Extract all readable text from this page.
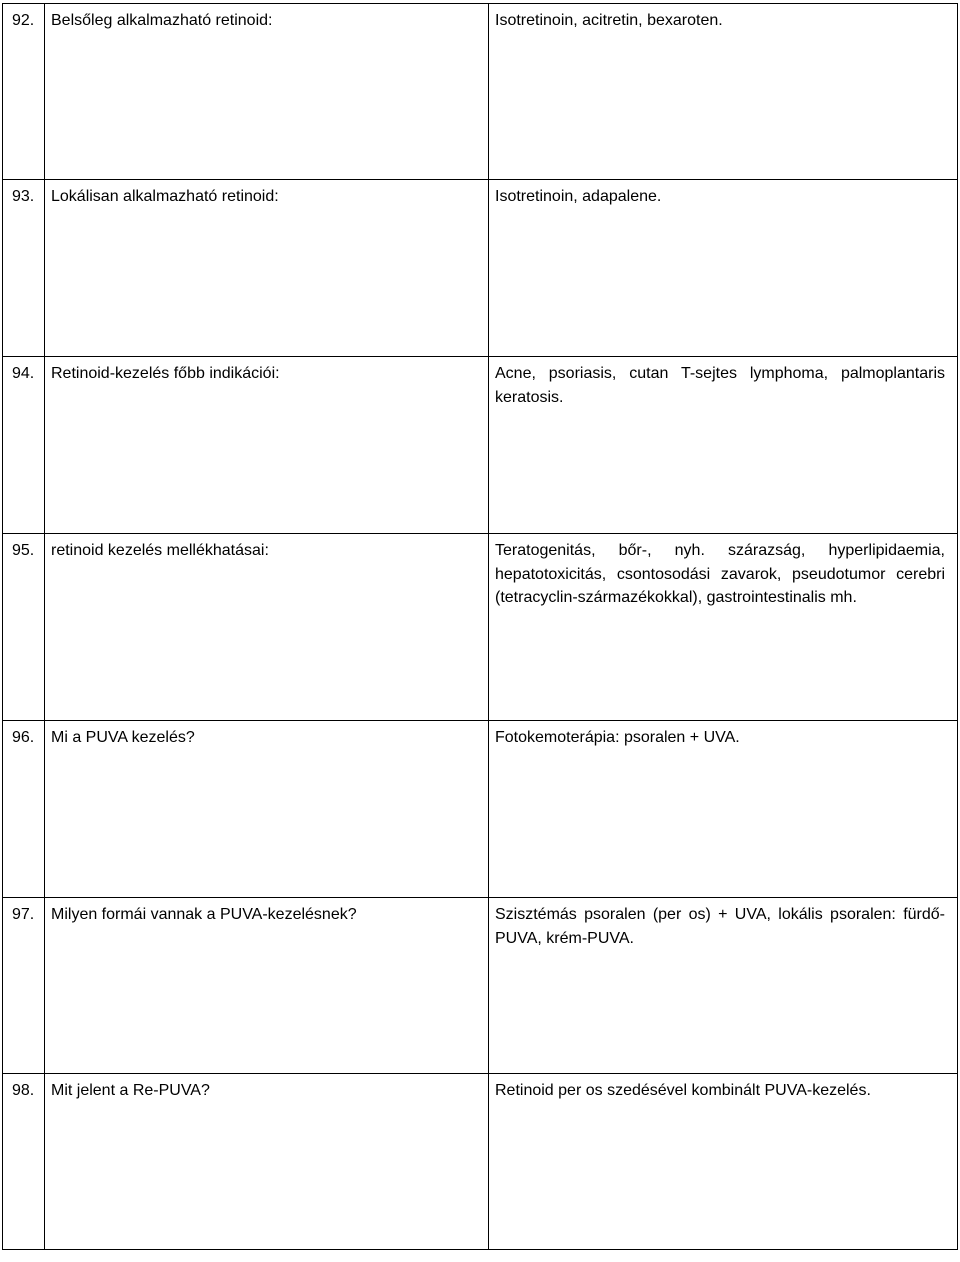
92.	Belsőleg alkalmazható retinoid:	Isotretinoin, acitretin, bexaroten.
93.	Lokálisan alkalmazható retinoid:	Isotretinoin, adapalene.
94.	Retinoid-kezelés főbb indikációi:	Acne, psoriasis, cutan T-sejtes lymphoma, palmoplantaris keratosis.
95.	retinoid kezelés mellékhatásai:	Teratogenitás, bőr-, nyh. szárazság, hyperlipidaemia, hepatotoxicitás, csontosodási zavarok, pseudotumor cerebri (tetracyclin-származékokkal), gastrointestinalis mh.
96.	Mi a PUVA kezelés?	Fotokemoterápia: psoralen + UVA.
97.	Milyen formái vannak a PUVA-kezelésnek?	Szisztémás psoralen (per os) + UVA, lokális psoralen: fürdő-PUVA, krém-PUVA.
98.	Mit jelent a Re-PUVA?	Retinoid per os szedésével kombinált PUVA-kezelés.
